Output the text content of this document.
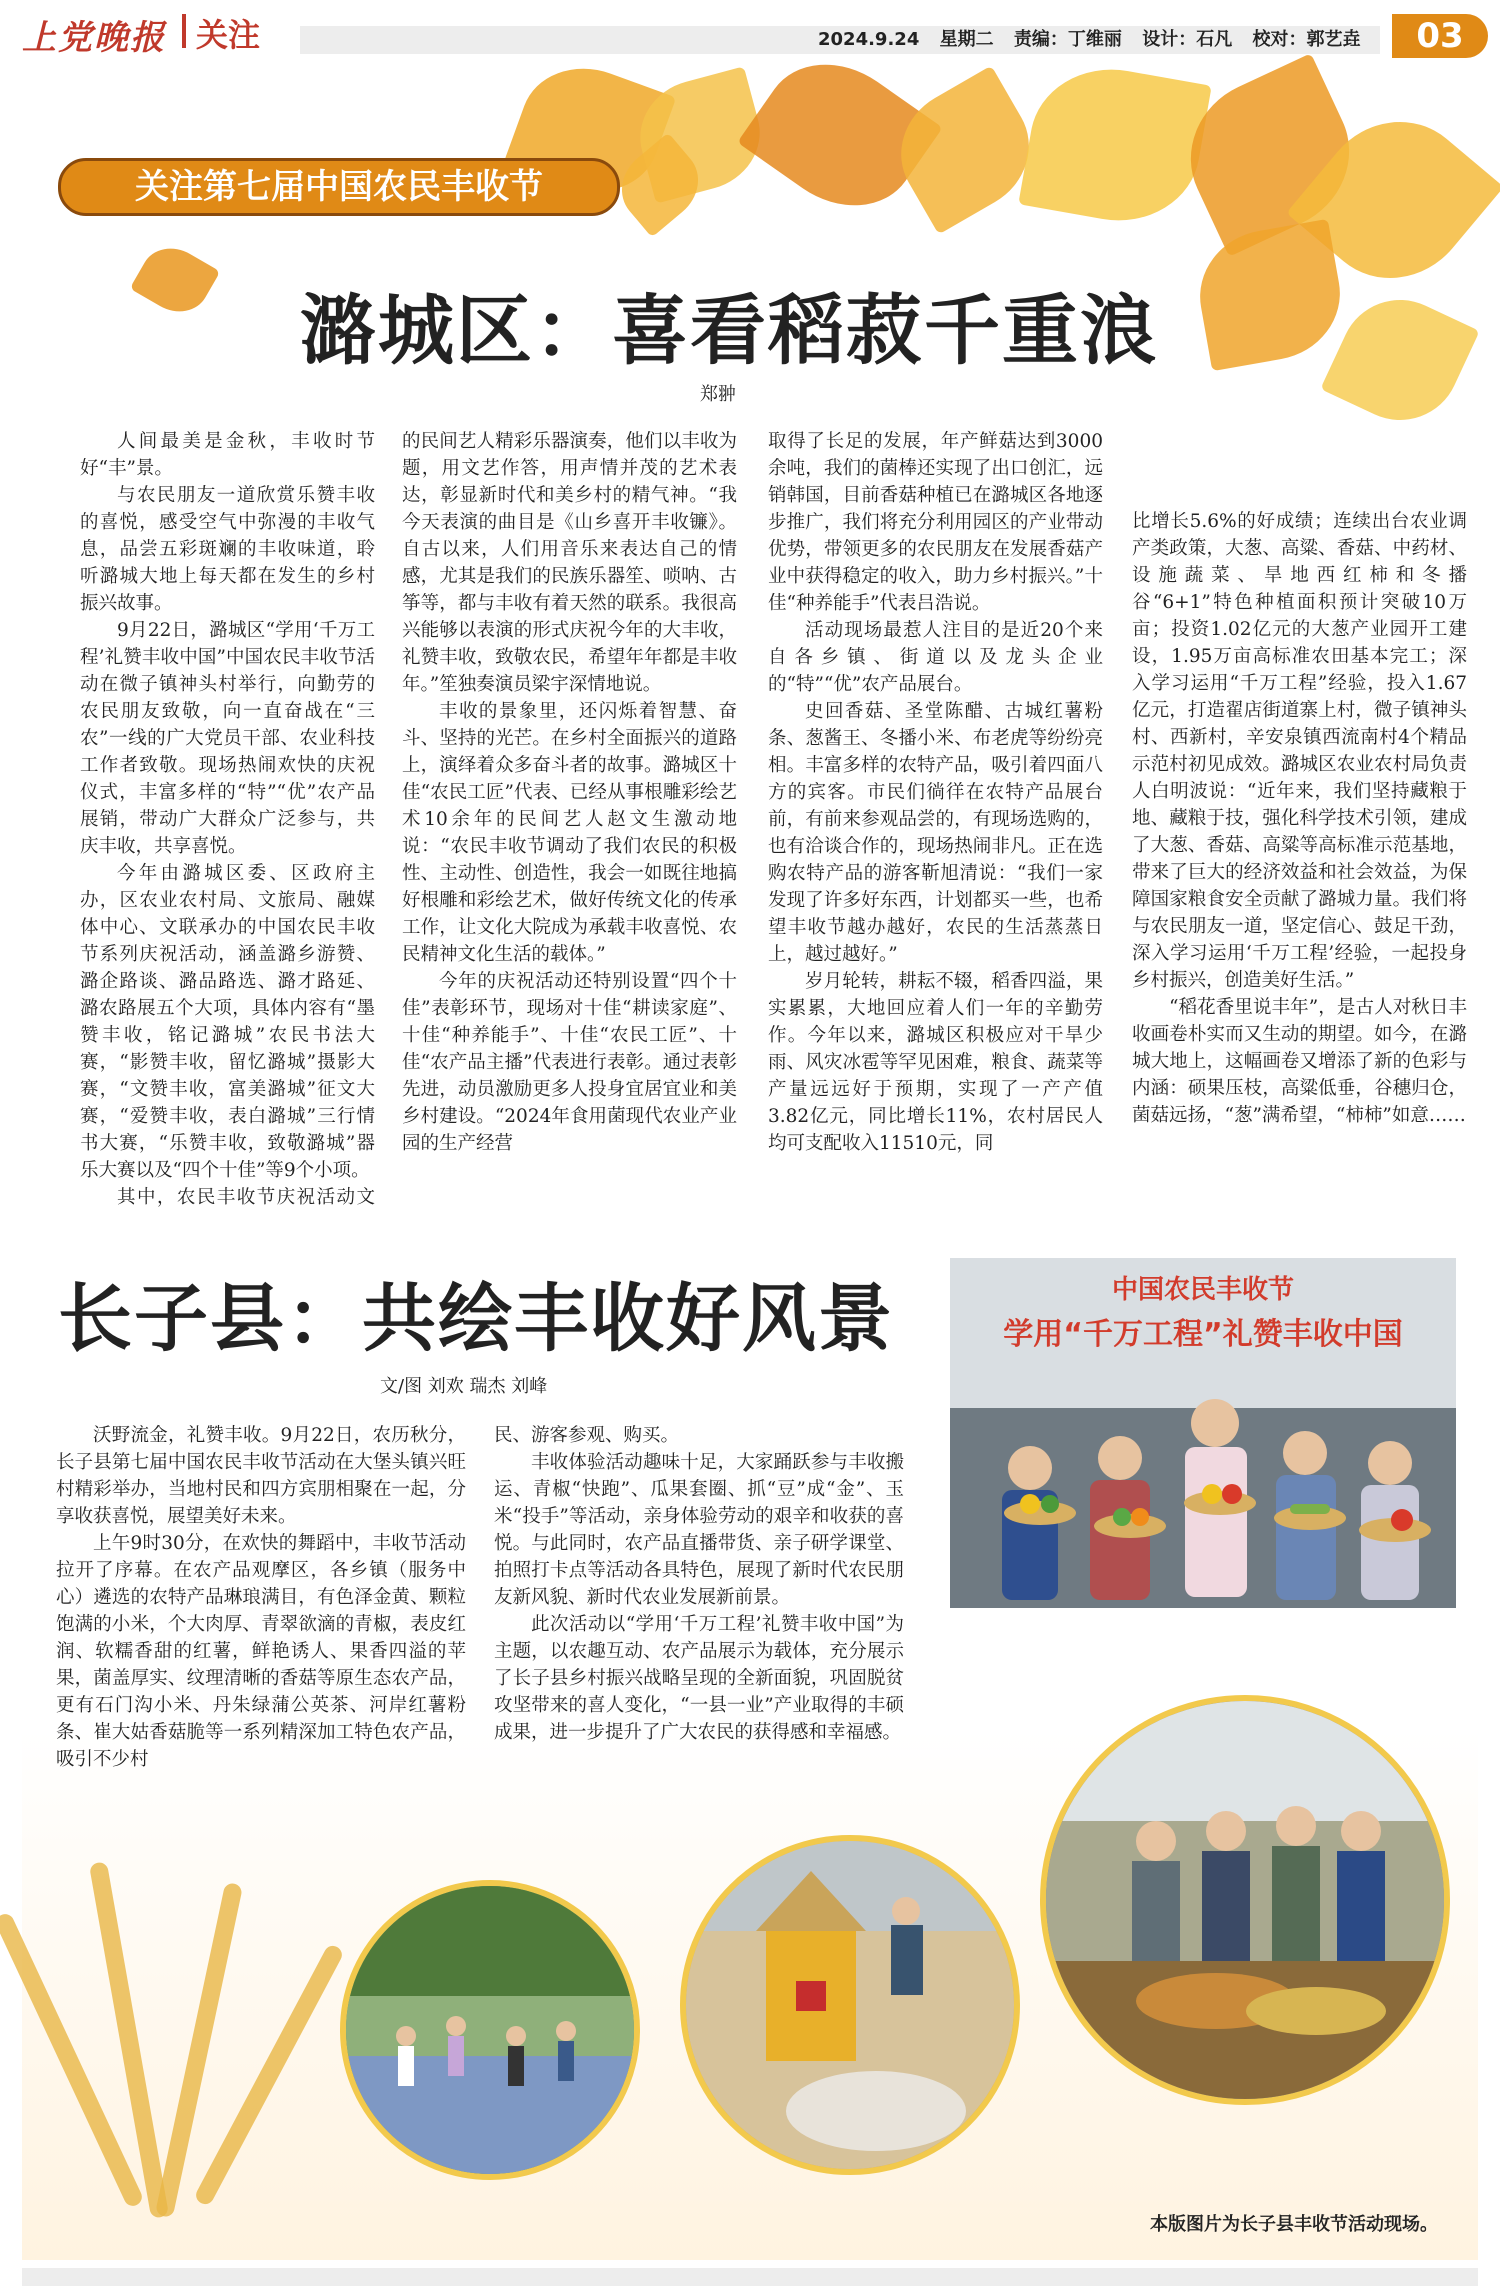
上党晚报 关注	2024.9.24 星期二 责编：丁维丽 设计：石凡 校对：郭艺垚	03
关注第七届中国农民丰收节
潞城区：喜看稻菽千重浪
郑翀

人间最美是金秋，丰收时节好“丰”景。

与农民朋友一道欣赏乐赞丰收的喜悦，感受空气中弥漫的丰收气息，品尝五彩斑斓的丰收味道，聆听潞城大地上每天都在发生的乡村振兴故事。

9月22日，潞城区“学用‘千万工程’礼赞丰收中国”中国农民丰收节活动在微子镇神头村举行，向勤劳的农民朋友致敬，向一直奋战在“三农”一线的广大党员干部、农业科技工作者致敬。现场热闹欢快的庆祝仪式，丰富多样的“特”“优”农产品展销，带动广大群众广泛参与，共庆丰收，共享喜悦。

今年由潞城区委、区政府主办，区农业农村局、文旅局、融媒体中心、文联承办的中国农民丰收节系列庆祝活动，涵盖潞乡游赞、潞企路谈、潞品路选、潞才路延、潞农路展五个大项，具体内容有“墨赞丰收，铭记潞城”农民书法大赛，“影赞丰收，留忆潞城”摄影大赛，“文赞丰收，富美潞城”征文大赛，“爱赞丰收，表白潞城”三行情书大赛，“乐赞丰收，致敬潞城”器乐大赛以及“四个十佳”等9个小项。

其中，农民丰收节庆祝活动文

的民间艺人精彩乐器演奏，他们以丰收为题，用文艺作答，用声情并茂的艺术表达，彰显新时代和美乡村的精气神。“我今天表演的曲目是《山乡喜开丰收镰》。自古以来，人们用音乐来表达自己的情感，尤其是我们的民族乐器笙、唢呐、古筝等，都与丰收有着天然的联系。我很高兴能够以表演的形式庆祝今年的大丰收，礼赞丰收，致敬农民，希望年年都是丰收年。”笙独奏演员梁宇深情地说。

丰收的景象里，还闪烁着智慧、奋斗、坚持的光芒。在乡村全面振兴的道路上，演绎着众多奋斗者的故事。潞城区十佳“农民工匠”代表、已经从事根雕彩绘艺术10余年的民间艺人赵文生激动地说：“农民丰收节调动了我们农民的积极性、主动性、创造性，我会一如既往地搞好根雕和彩绘艺术，做好传统文化的传承工作，让文化大院成为承载丰收喜悦、农民精神文化生活的载体。”

今年的庆祝活动还特别设置“四个十佳”表彰环节，现场对十佳“耕读家庭”、十佳“种养能手”、十佳“农民工匠”、十佳“农产品主播”代表进行表彰。通过表彰先进，动员激励更多人投身宜居宜业和美乡村建设。“2024年食用菌现代农业产业园的生产经营

取得了长足的发展，年产鲜菇达到3000余吨，我们的菌棒还实现了出口创汇，远销韩国，目前香菇种植已在潞城区各地逐步推广，我们将充分利用园区的产业带动优势，带领更多的农民朋友在发展香菇产业中获得稳定的收入，助力乡村振兴。”十佳“种养能手”代表吕浩说。

活动现场最惹人注目的是近20个来自各乡镇、街道以及龙头企业的“特”“优”农产品展台。

史回香菇、圣堂陈醋、古城红薯粉条、葱酱王、冬播小米、布老虎等纷纷亮相。丰富多样的农特产品，吸引着四面八方的宾客。市民们徜徉在农特产品展台前，有前来参观品尝的，有现场选购的，也有洽谈合作的，现场热闹非凡。正在选购农特产品的游客靳旭清说：“我们一家发现了许多好东西，计划都买一些，也希望丰收节越办越好，农民的生活蒸蒸日上，越过越好。”

岁月轮转，耕耘不辍，稻香四溢，果实累累，大地回应着人们一年的辛勤劳作。今年以来，潞城区积极应对干旱少雨、风灾冰雹等罕见困难，粮食、蔬菜等产量远远好于预期，实现了一产产值3.82亿元，同比增长11%，农村居民人均可支配收入11510元，同

比增长5.6%的好成绩；连续出台农业调产类政策，大葱、高粱、香菇、中药材、设施蔬菜、旱地西红柿和冬播谷“6+1”特色种植面积预计突破10万亩；投资1.02亿元的大葱产业园开工建设，1.95万亩高标准农田基本完工；深入学习运用“千万工程”经验，投入1.67亿元，打造翟店街道寨上村，微子镇神头村、西新村，辛安泉镇西流南村4个精品示范村初见成效。潞城区农业农村局负责人白明波说：“近年来，我们坚持藏粮于地、藏粮于技，强化科学技术引领，建成了大葱、香菇、高粱等高标准示范基地，带来了巨大的经济效益和社会效益，为保障国家粮食安全贡献了潞城力量。我们将与农民朋友一道，坚定信心、鼓足干劲，深入学习运用‘千万工程’经验，一起投身乡村振兴，创造美好生活。”

“稻花香里说丰年”，是古人对秋日丰收画卷朴实而又生动的期望。如今，在潞城大地上，这幅画卷又增添了新的色彩与内涵：硕果压枝，高粱低垂，谷穗归仓，菌菇远扬，“葱”满希望，“柿柿”如意……

长子县：共绘丰收好风景
文/图 刘欢 瑞杰 刘峰

沃野流金，礼赞丰收。9月22日，农历秋分，长子县第七届中国农民丰收节活动在大堡头镇兴旺村精彩举办，当地村民和四方宾朋相聚在一起，分享收获喜悦，展望美好未来。

上午9时30分，在欢快的舞蹈中，丰收节活动拉开了序幕。在农产品观摩区，各乡镇（服务中心）遴选的农特产品琳琅满目，有色泽金黄、颗粒饱满的小米，个大肉厚、青翠欲滴的青椒，表皮红润、软糯香甜的红薯，鲜艳诱人、果香四溢的苹果，菌盖厚实、纹理清晰的香菇等原生态农产品，更有石门沟小米、丹朱绿蒲公英茶、河岸红薯粉条、崔大姑香菇脆等一系列精深加工特色农产品，吸引不少村

民、游客参观、购买。

丰收体验活动趣味十足，大家踊跃参与丰收搬运、青椒“快跑”、瓜果套圈、抓“豆”成“金”、玉米“投手”等活动，亲身体验劳动的艰辛和收获的喜悦。与此同时，农产品直播带货、亲子研学课堂、拍照打卡点等活动各具特色，展现了新时代农民朋友新风貌、新时代农业发展新前景。

此次活动以“学用‘千万工程’礼赞丰收中国”为主题，以农趣互动、农产品展示为载体，充分展示了长子县乡村振兴战略呈现的全新面貌，巩固脱贫攻坚带来的喜人变化，“一县一业”产业取得的丰硕成果，进一步提升了广大农民的获得感和幸福感。

中国农民丰收节
学用“千万工程”礼赞丰收中国
本版图片为长子县丰收节活动现场。
